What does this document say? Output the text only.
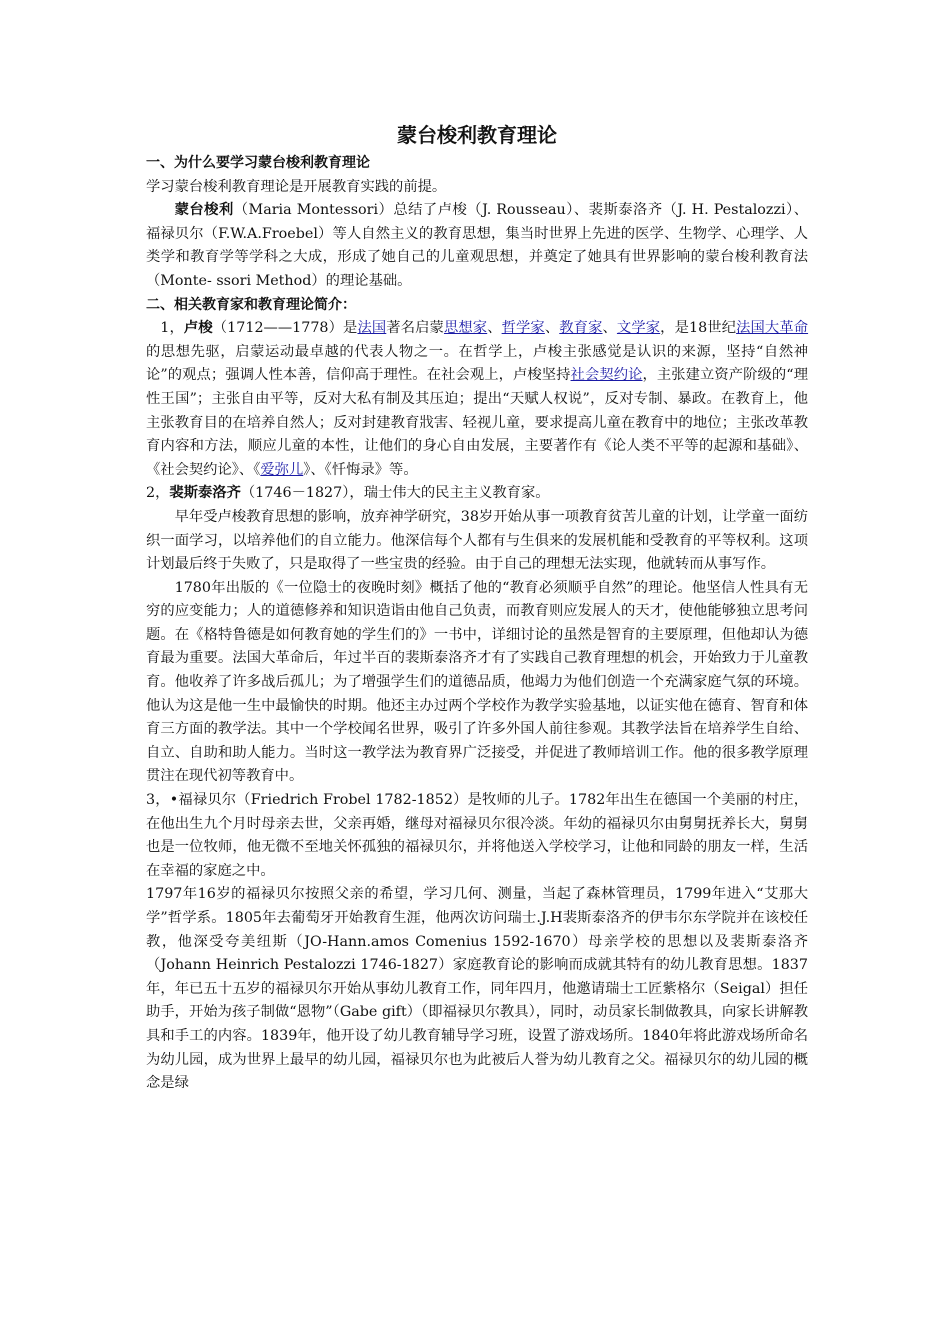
蒙台梭利教育理论

一、为什么要学习蒙台梭利教育理论

学习蒙台梭利教育理论是开展教育实践的前提。

蒙台梭利（Maria Montessori）总结了卢梭（J. Rousseau）、裴斯泰洛齐（J. H. Pestalozzi）、福禄贝尔（F.W.A.Froebel）等人自然主义的教育思想，集当时世界上先进的医学、生物学、心理学、人类学和教育学等学科之大成，形成了她自己的儿童观思想，并奠定了她具有世界影响的蒙台梭利教育法（Monte- ssori Method）的理论基础。

二、相关教育家和教育理论简介：

1，卢梭（1712——1778）是法国著名启蒙思想家、哲学家、教育家、文学家，是18世纪法国大革命的思想先驱，启蒙运动最卓越的代表人物之一。在哲学上，卢梭主张感觉是认识的来源，坚持“自然神论”的观点；强调人性本善，信仰高于理性。在社会观上，卢梭坚持社会契约论，主张建立资产阶级的“理性王国”；主张自由平等，反对大私有制及其压迫；提出“天赋人权说”，反对专制、暴政。在教育上，他主张教育目的在培养自然人；反对封建教育戕害、轻视儿童，要求提高儿童在教育中的地位；主张改革教育内容和方法，顺应儿童的本性，让他们的身心自由发展，主要著作有《论人类不平等的起源和基础》、《社会契约论》、《爱弥儿》、《忏悔录》等。

2，裴斯泰洛齐（1746－1827），瑞士伟大的民主主义教育家。

早年受卢梭教育思想的影响，放弃神学研究，38岁开始从事一项教育贫苦儿童的计划，让学童一面纺织一面学习，以培养他们的自立能力。他深信每个人都有与生俱来的发展机能和受教育的平等权利。这项计划最后终于失败了，只是取得了一些宝贵的经验。由于自己的理想无法实现，他就转而从事写作。

1780年出版的《一位隐士的夜晚时刻》概括了他的“教育必须顺乎自然”的理论。他坚信人性具有无穷的应变能力；人的道德修养和知识造诣由他自己负责，而教育则应发展人的天才，使他能够独立思考问题。在《格特鲁德是如何教育她的学生们的》一书中，详细讨论的虽然是智育的主要原理，但他却认为德育最为重要。法国大革命后，年过半百的裴斯泰洛齐才有了实践自己教育理想的机会，开始致力于儿童教育。他收养了许多战后孤儿；为了增强学生们的道德品质，他竭力为他们创造一个充满家庭气氛的环境。他认为这是他一生中最愉快的时期。他还主办过两个学校作为教学实验基地，以证实他在德育、智育和体育三方面的教学法。其中一个学校闻名世界，吸引了许多外国人前往参观。其教学法旨在培养学生自给、自立、自助和助人能力。当时这一教学法为教育界广泛接受，并促进了教师培训工作。他的很多教学原理贯注在现代初等教育中。

3，•福禄贝尔（Friedrich Frobel 1782-1852）是牧师的儿子。1782年出生在德国一个美丽的村庄，在他出生九个月时母亲去世，父亲再婚，继母对福禄贝尔很冷淡。年幼的福禄贝尔由舅舅抚养长大，舅舅也是一位牧师，他无微不至地关怀孤独的福禄贝尔，并将他送入学校学习，让他和同龄的朋友一样，生活在幸福的家庭之中。

1797年16岁的福禄贝尔按照父亲的希望，学习几何、测量，当起了森林管理员，1799年进入“艾那大学”哲学系。1805年去葡萄牙开始教育生涯，他两次访问瑞士.J.H裴斯泰洛齐的伊韦尔东学院并在该校任教，他深受夸美纽斯（JO-Hann.amos Comenius 1592-1670）母亲学校的思想以及裴斯泰洛齐（Johann Heinrich Pestalozzi 1746-1827）家庭教育论的影响而成就其特有的幼儿教育思想。1837年，年已五十五岁的福禄贝尔开始从事幼儿教育工作，同年四月，他邀请瑞士工匠紫格尔（Seigal）担任助手，开始为孩子制做“恩物”（Gabe gift）（即福禄贝尔教具），同时，动员家长制做教具，向家长讲解教具和手工的内容。1839年，他开设了幼儿教育辅导学习班，设置了游戏场所。1840年将此游戏场所命名为幼儿园，成为世界上最早的幼儿园，福禄贝尔也为此被后人誉为幼儿教育之父。福禄贝尔的幼儿园的概念是绿
